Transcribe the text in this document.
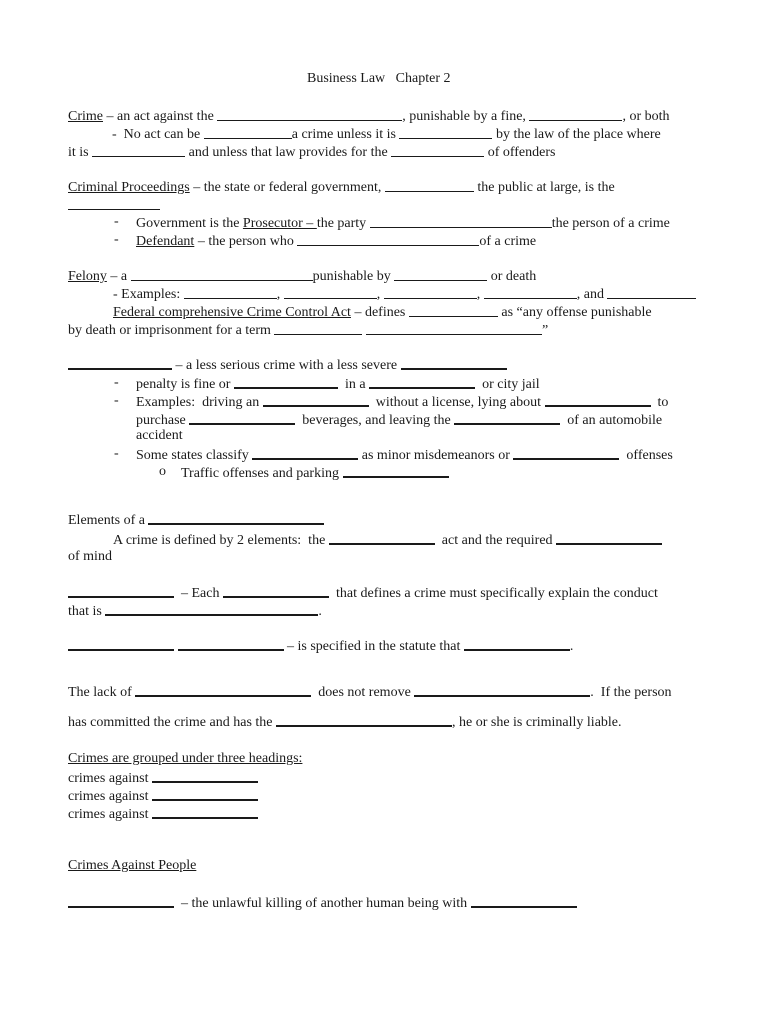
Business Law   Chapter 2
Crime – an act against the	, punishable by a fine,	, or both
-  No act can be	a crime unless it is	by the law of the place where
it is	and unless that law provides for the	of offenders
Criminal Proceedings – the state or federal government,	the public at large, is the
- Government is the Prosecutor – the party	the person of a crime
- Defendant – the person who	of a crime
Felony – a	punishable by	or death
- Examples:	,	,	,	, and
Federal comprehensive Crime Control Act – defines	as “any offense punishable
by death or imprisonment for a term	”
– a less serious crime with a less severe
- penalty is fine or	in a	or city jail
- Examples:  driving an	without a license, lying about	to
purchase	beverages, and leaving the	of an automobile
accident
- Some states classify	as minor misdemeanors or	offenses
o Traffic offenses and parking
Elements of a
A crime is defined by 2 elements:  the	act and the required
of mind
– Each	that defines a crime must specifically explain the conduct
that is	.
– is specified in the statute that	.
The lack of	does not remove	.  If the person
has committed the crime and has the	, he or she is criminally liable.
Crimes are grouped under three headings:
crimes against
crimes against
crimes against
Crimes Against People
– the unlawful killing of another human being with
